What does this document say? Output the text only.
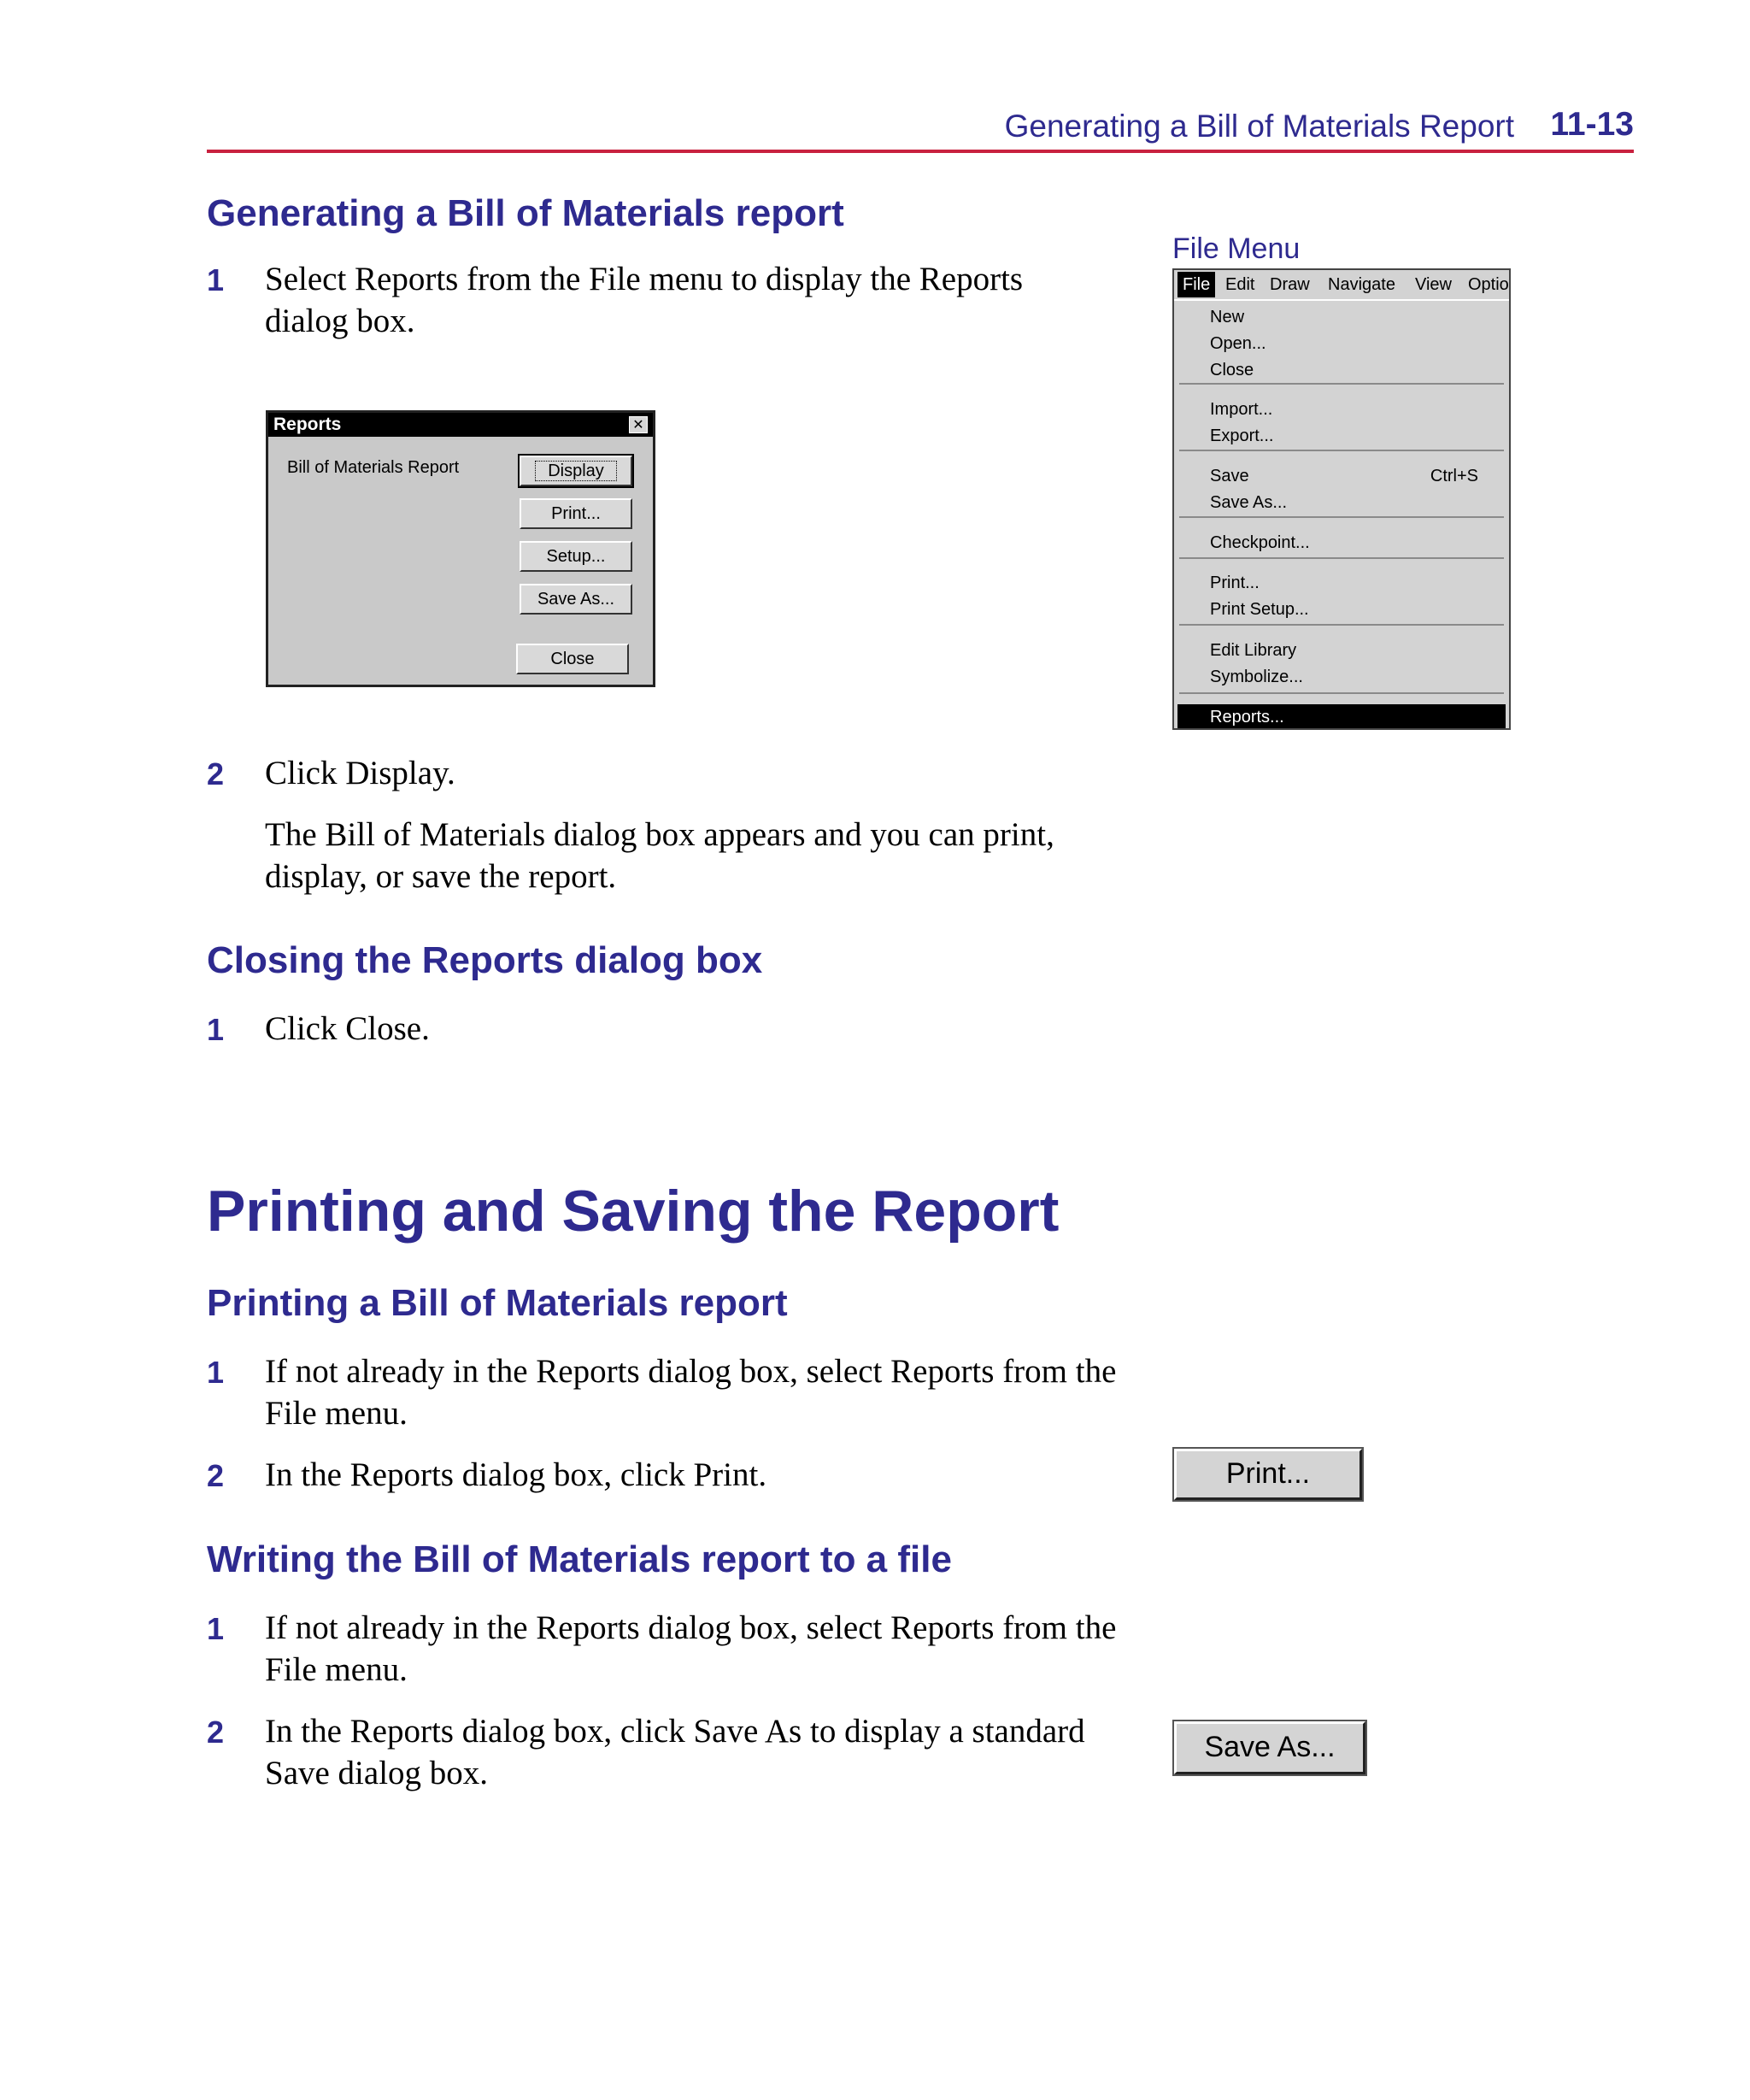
Generating a Bill of Materials Report 11-13
Generating a Bill of Materials report
1 Select Reports from the File menu to display the Reports dialog box.
Reports	✕
Bill of Materials Report	Display
Print...
Setup...
Save As...
Close
File Menu
File Edit Draw Navigate View Optio
New
Open...
Close
Import...
Export...
Save	Ctrl+S
Save As...
Checkpoint...
Print...
Print Setup...
Edit Library
Symbolize...
Reports...
2 Click Display.
The Bill of Materials dialog box appears and you can print, display, or save the report.
Closing the Reports dialog box
1 Click Close.
Printing and Saving the Report
Printing a Bill of Materials report
1 If not already in the Reports dialog box, select Reports from the File menu.
2 In the Reports dialog box, click Print.	Print...
Writing the Bill of Materials report to a file
1 If not already in the Reports dialog box, select Reports from the File menu.
2 In the Reports dialog box, click Save As to display a standard Save dialog box.
Save As...
